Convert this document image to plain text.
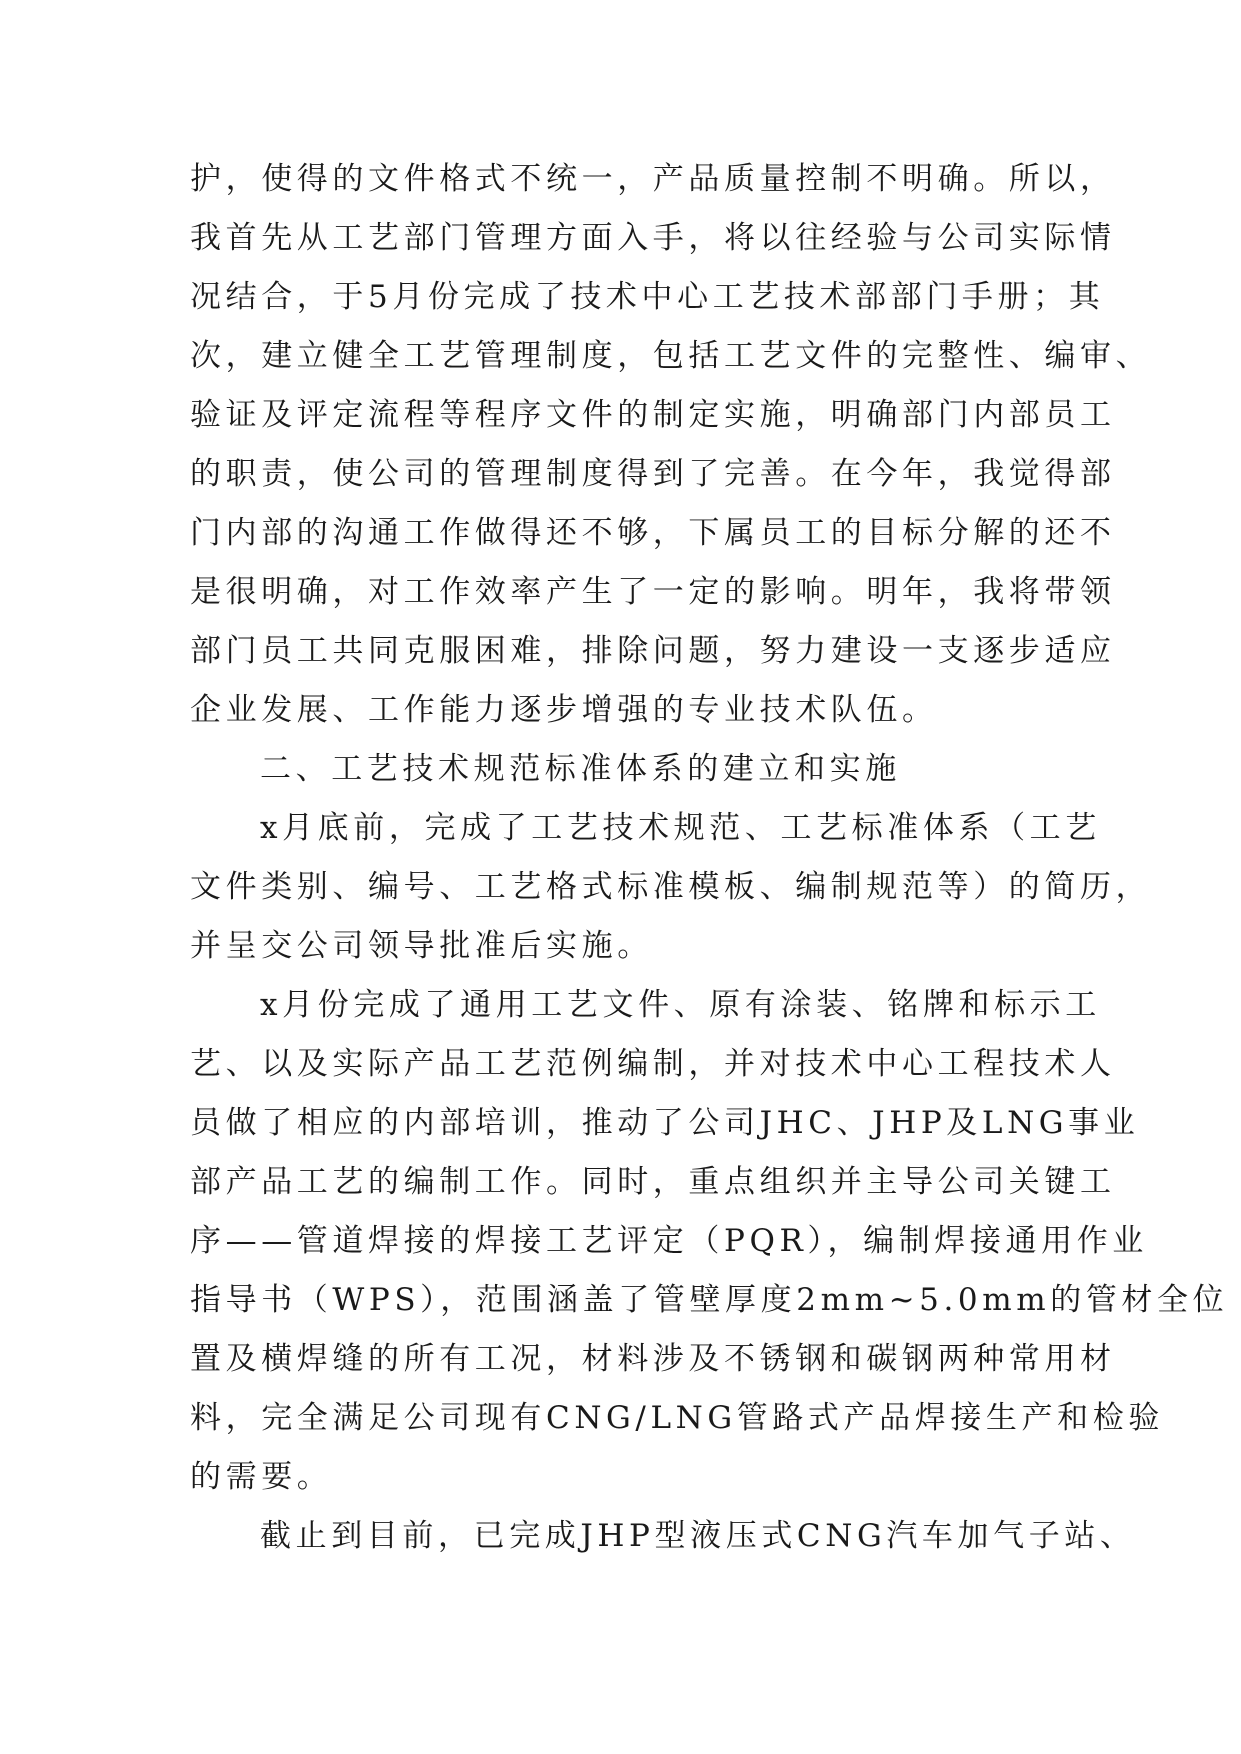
护，使得的文件格式不统一，产品质量控制不明确。所以，
我首先从工艺部门管理方面入手，将以往经验与公司实际情
况结合，于5月份完成了技术中心工艺技术部部门手册；其
次，建立健全工艺管理制度，包括工艺文件的完整性、编审、
验证及评定流程等程序文件的制定实施，明确部门内部员工
的职责，使公司的管理制度得到了完善。在今年，我觉得部
门内部的沟通工作做得还不够，下属员工的目标分解的还不
是很明确，对工作效率产生了一定的影响。明年，我将带领
部门员工共同克服困难，排除问题，努力建设一支逐步适应
企业发展、工作能力逐步增强的专业技术队伍。
二、工艺技术规范标准体系的建立和实施
x月底前，完成了工艺技术规范、工艺标准体系（工艺
文件类别、编号、工艺格式标准模板、编制规范等）的简历，
并呈交公司领导批准后实施。
x月份完成了通用工艺文件、原有涂装、铭牌和标示工
艺、以及实际产品工艺范例编制，并对技术中心工程技术人
员做了相应的内部培训，推动了公司JHC、JHP及LNG事业
部产品工艺的编制工作。同时，重点组织并主导公司关键工
序——管道焊接的焊接工艺评定（PQR），编制焊接通用作业
指导书（WPS），范围涵盖了管壁厚度2mm~5.0mm的管材全位
置及横焊缝的所有工况，材料涉及不锈钢和碳钢两种常用材
料，完全满足公司现有CNG/LNG管路式产品焊接生产和检验
的需要。
截止到目前，已完成JHP型液压式CNG汽车加气子站、
